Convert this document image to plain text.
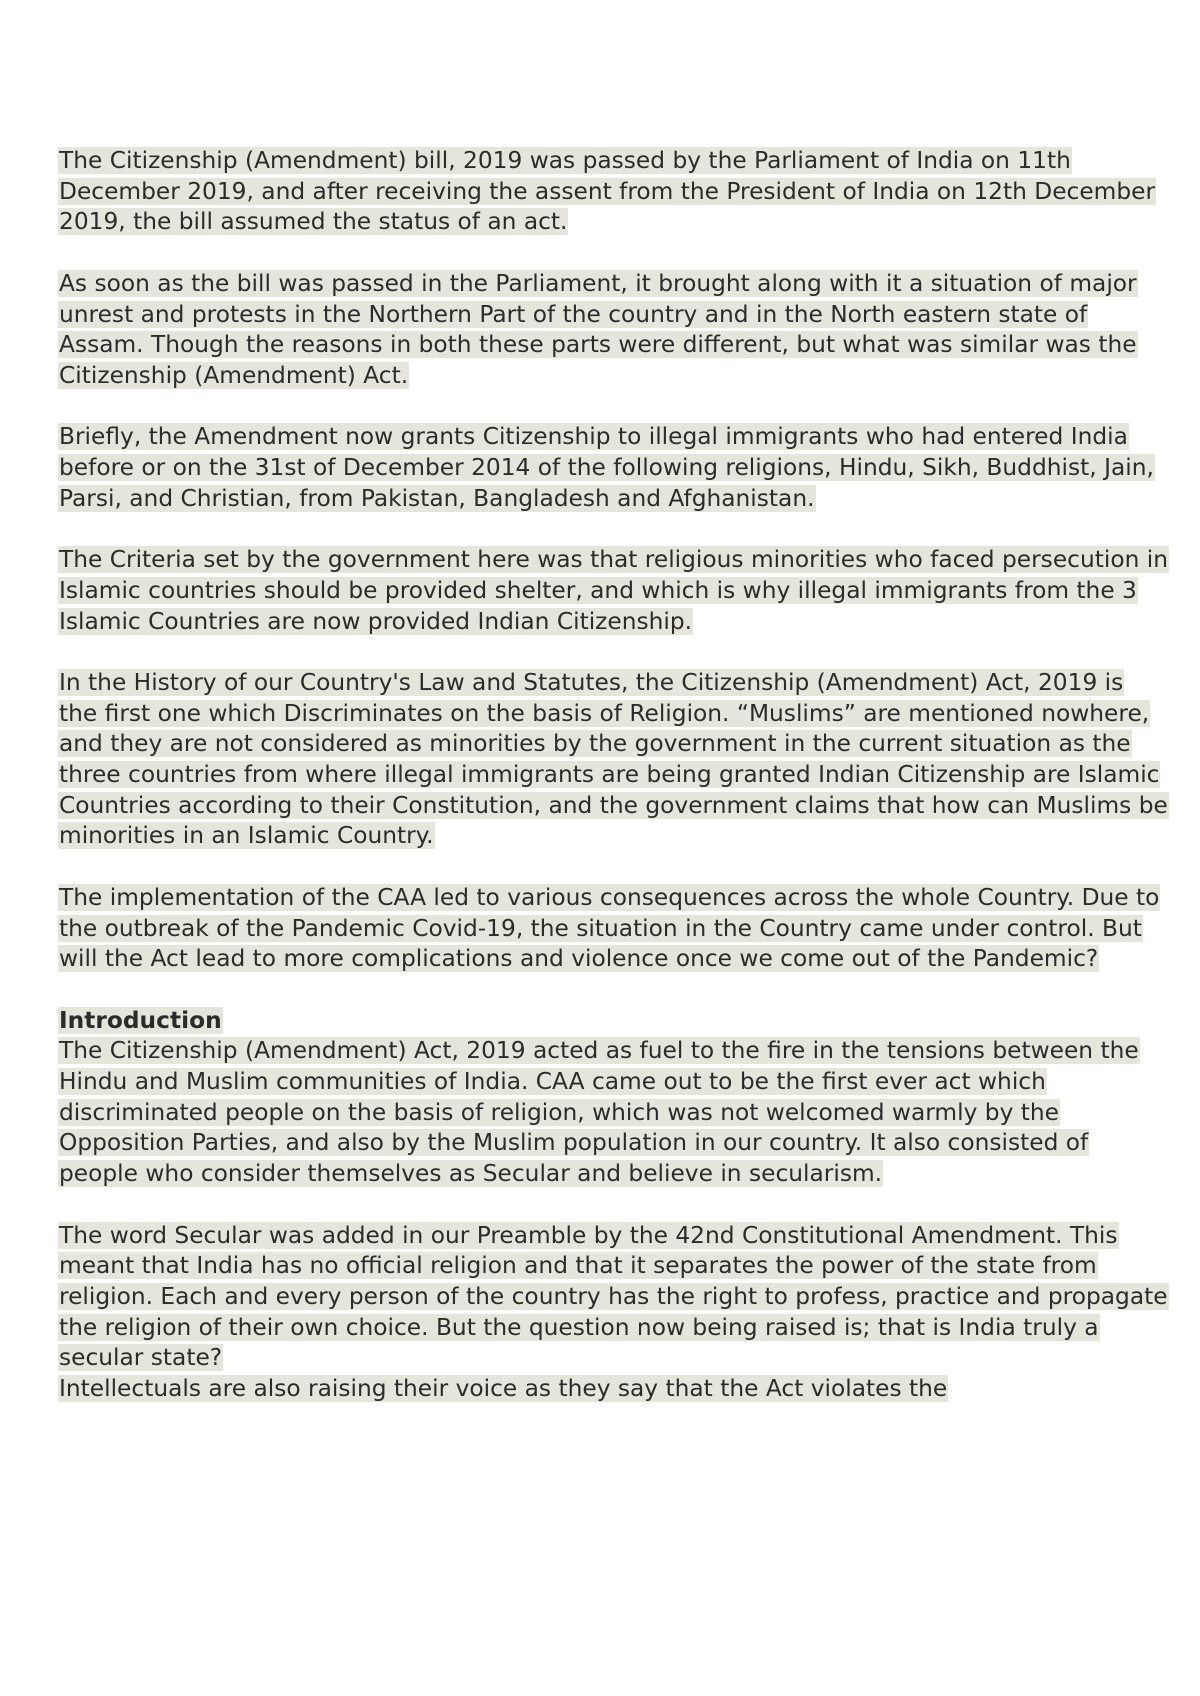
The Citizenship (Amendment) bill, 2019 was passed by the Parliament of India on 11th December 2019, and after receiving the assent from the President of India on 12th December 2019, the bill assumed the status of an act.

As soon as the bill was passed in the Parliament, it brought along with it a situation of major unrest and protests in the Northern Part of the country and in the North eastern state of Assam. Though the reasons in both these parts were different, but what was similar was the Citizenship (Amendment) Act.

Briefly, the Amendment now grants Citizenship to illegal immigrants who had entered India before or on the 31st of December 2014 of the following religions, Hindu, Sikh, Buddhist, Jain, Parsi, and Christian, from Pakistan, Bangladesh and Afghanistan.

The Criteria set by the government here was that religious minorities who faced persecution in Islamic countries should be provided shelter, and which is why illegal immigrants from the 3 Islamic Countries are now provided Indian Citizenship.

In the History of our Country's Law and Statutes, the Citizenship (Amendment) Act, 2019 is the first one which Discriminates on the basis of Religion. “Muslims” are mentioned nowhere, and they are not considered as minorities by the government in the current situation as the three countries from where illegal immigrants are being granted Indian Citizenship are Islamic Countries according to their Constitution, and the government claims that how can Muslims be minorities in an Islamic Country.

The implementation of the CAA led to various consequences across the whole Country. Due to the outbreak of the Pandemic Covid-19, the situation in the Country came under control. But will the Act lead to more complications and violence once we come out of the Pandemic?

Introduction

The Citizenship (Amendment) Act, 2019 acted as fuel to the fire in the tensions between the Hindu and Muslim communities of India. CAA came out to be the first ever act which discriminated people on the basis of religion, which was not welcomed warmly by the Opposition Parties, and also by the Muslim population in our country. It also consisted of people who consider themselves as Secular and believe in secularism.

The word Secular was added in our Preamble by the 42nd Constitutional Amendment. This meant that India has no official religion and that it separates the power of the state from religion. Each and every person of the country has the right to profess, practice and propagate the religion of their own choice. But the question now being raised is; that is India truly a secular state?

Intellectuals are also raising their voice as they say that the Act violates the
